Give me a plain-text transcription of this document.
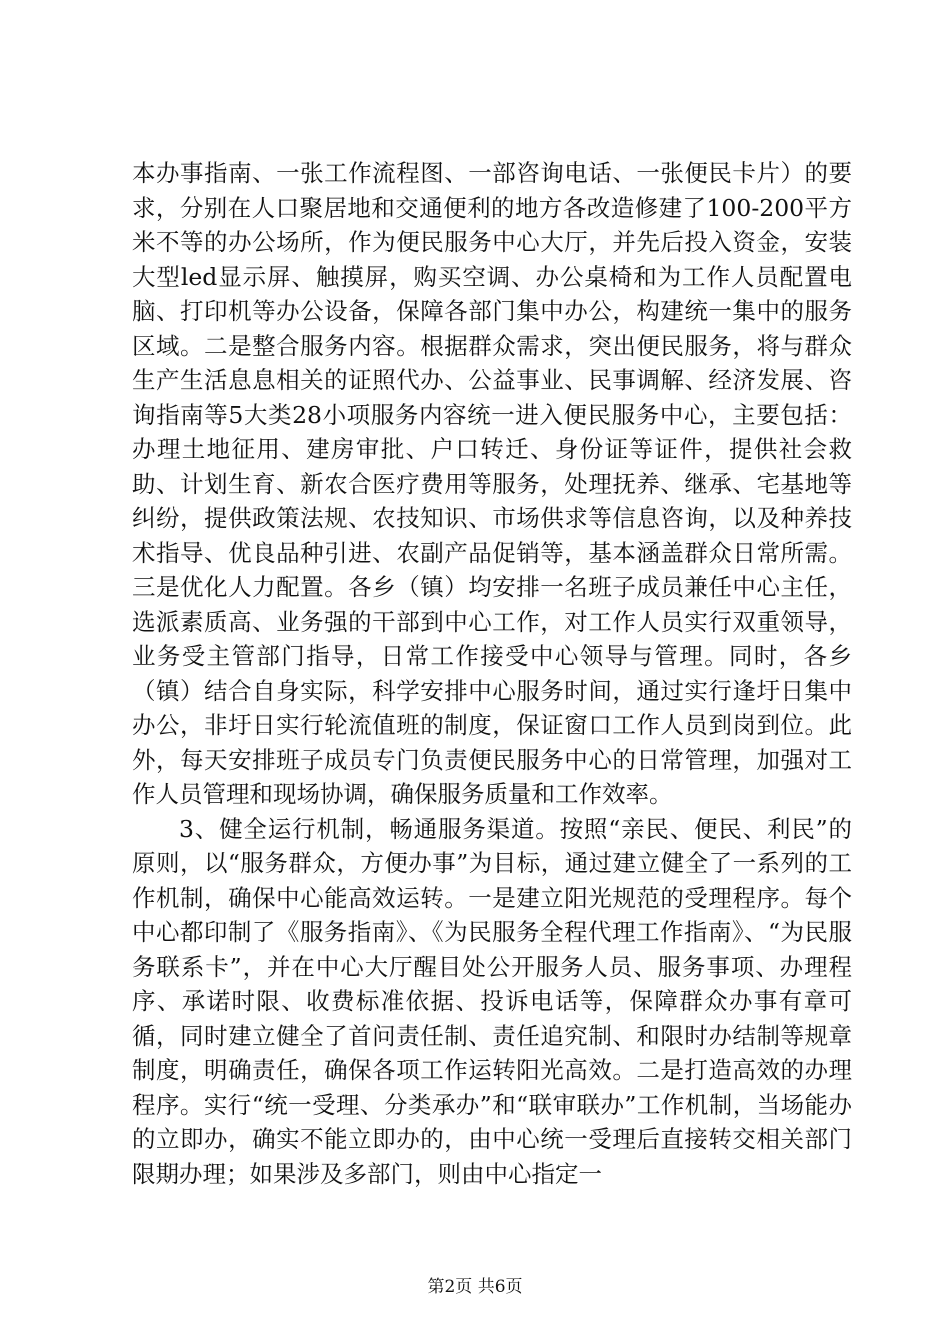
本办事指南、一张工作流程图、一部咨询电话、一张便民卡片）的要求，分别在人口聚居地和交通便利的地方各改造修建了100-200平方米不等的办公场所，作为便民服务中心大厅，并先后投入资金，安装大型led显示屏、触摸屏，购买空调、办公桌椅和为工作人员配置电脑、打印机等办公设备，保障各部门集中办公，构建统一集中的服务区域。二是整合服务内容。根据群众需求，突出便民服务，将与群众生产生活息息相关的证照代办、公益事业、民事调解、经济发展、咨询指南等5大类28小项服务内容统一进入便民服务中心，主要包括：办理土地征用、建房审批、户口转迁、身份证等证件，提供社会救助、计划生育、新农合医疗费用等服务，处理抚养、继承、宅基地等纠纷，提供政策法规、农技知识、市场供求等信息咨询，以及种养技术指导、优良品种引进、农副产品促销等，基本涵盖群众日常所需。三是优化人力配置。各乡（镇）均安排一名班子成员兼任中心主任，选派素质高、业务强的干部到中心工作，对工作人员实行双重领导，业务受主管部门指导，日常工作接受中心领导与管理。同时，各乡（镇）结合自身实际，科学安排中心服务时间，通过实行逢圩日集中办公，非圩日实行轮流值班的制度，保证窗口工作人员到岗到位。此外，每天安排班子成员专门负责便民服务中心的日常管理，加强对工作人员管理和现场协调，确保服务质量和工作效率。

3、健全运行机制，畅通服务渠道。按照“亲民、便民、利民”的原则，以“服务群众，方便办事”为目标，通过建立健全了一系列的工作机制，确保中心能高效运转。一是建立阳光规范的受理程序。每个中心都印制了《服务指南》、《为民服务全程代理工作指南》、“为民服务联系卡”，并在中心大厅醒目处公开服务人员、服务事项、办理程序、承诺时限、收费标准依据、投诉电话等，保障群众办事有章可循，同时建立健全了首问责任制、责任追究制、和限时办结制等规章制度，明确责任，确保各项工作运转阳光高效。二是打造高效的办理程序。实行“统一受理、分类承办”和“联审联办”工作机制，当场能办的立即办，确实不能立即办的，由中心统一受理后直接转交相关部门限期办理；如果涉及多部门，则由中心指定一

第2页 共6页
